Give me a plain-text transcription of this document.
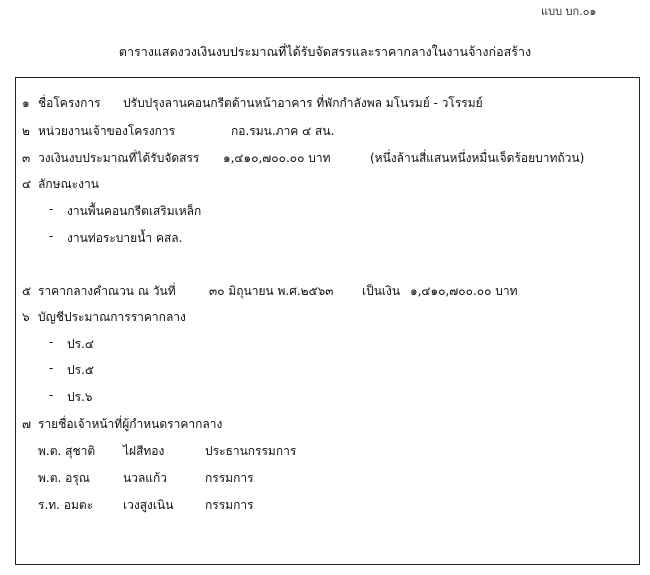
แบบ บก.๐๑
ตารางแสดงวงเงินงบประมาณที่ได้รับจัดสรรและราคากลางในงานจ้างก่อสร้าง
๑ ชื่อโครงการ ปรับปรุงลานคอนกรีตด้านหน้าอาคาร ที่พักกำลังพล มโนรมย์ - วโรรมย์
๒ หน่วยงานเจ้าของโครงการ	กอ.รมน.ภาค ๔ สน.
๓ วงเงินงบประมาณที่ได้รับจัดสรร ๑,๔๑๐,๗๐๐.๐๐ บาท	(หนึ่งล้านสี่แสนหนึ่งหมื่นเจ็ดร้อยบาทถ้วน)
๔ ลักษณะงาน
- งานพื้นคอนกรีตเสริมเหล็ก
- งานท่อระบายน้ำ คสล.
๕ ราคากลางคำณวน ณ วันที่	๓๐ มิถุนายน พ.ศ.๒๕๖๓ เป็นเงิน ๑,๔๑๐,๗๐๐.๐๐ บาท
๖ บัญชีประมาณการราคากลาง
- ปร.๔
- ปร.๕
- ปร.๖
๗ รายชื่อเจ้าหน้าที่ผู้กำหนดราคากลาง
พ.ต. สุชาติ ไฝสีทอง	ประธานกรรมการ
พ.ต. อรุณ	นวลแก้ว	กรรมการ
ร.ท. อมตะ เวงสูงเนิน	กรรมการ
